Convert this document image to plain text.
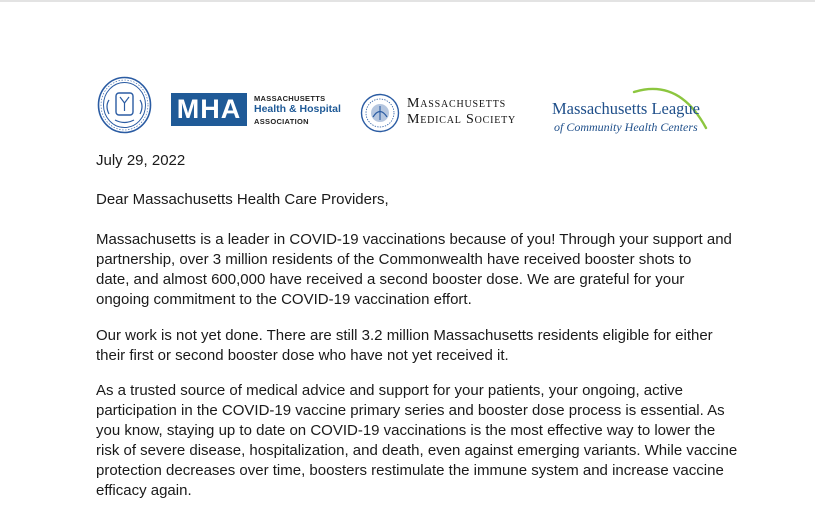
MHA	MASSACHUSETTS
Health & Hospital
ASSOCIATION
Massachusetts
Medical Society
Massachusetts League
of Community Health Centers
July 29, 2022
Dear Massachusetts Health Care Providers,
Massachusetts is a leader in COVID-19 vaccinations because of you! Through your support and
partnership, over 3 million residents of the Commonwealth have received booster shots to
date, and almost 600,000 have received a second booster dose. We are grateful for your
ongoing commitment to the COVID-19 vaccination effort.
Our work is not yet done. There are still 3.2 million Massachusetts residents eligible for either
their first or second booster dose who have not yet received it.
As a trusted source of medical advice and support for your patients, your ongoing, active
participation in the COVID-19 vaccine primary series and booster dose process is essential. As
you know, staying up to date on COVID-19 vaccinations is the most effective way to lower the
risk of severe disease, hospitalization, and death, even against emerging variants. While vaccine
protection decreases over time, boosters restimulate the immune system and increase vaccine
efficacy again.
